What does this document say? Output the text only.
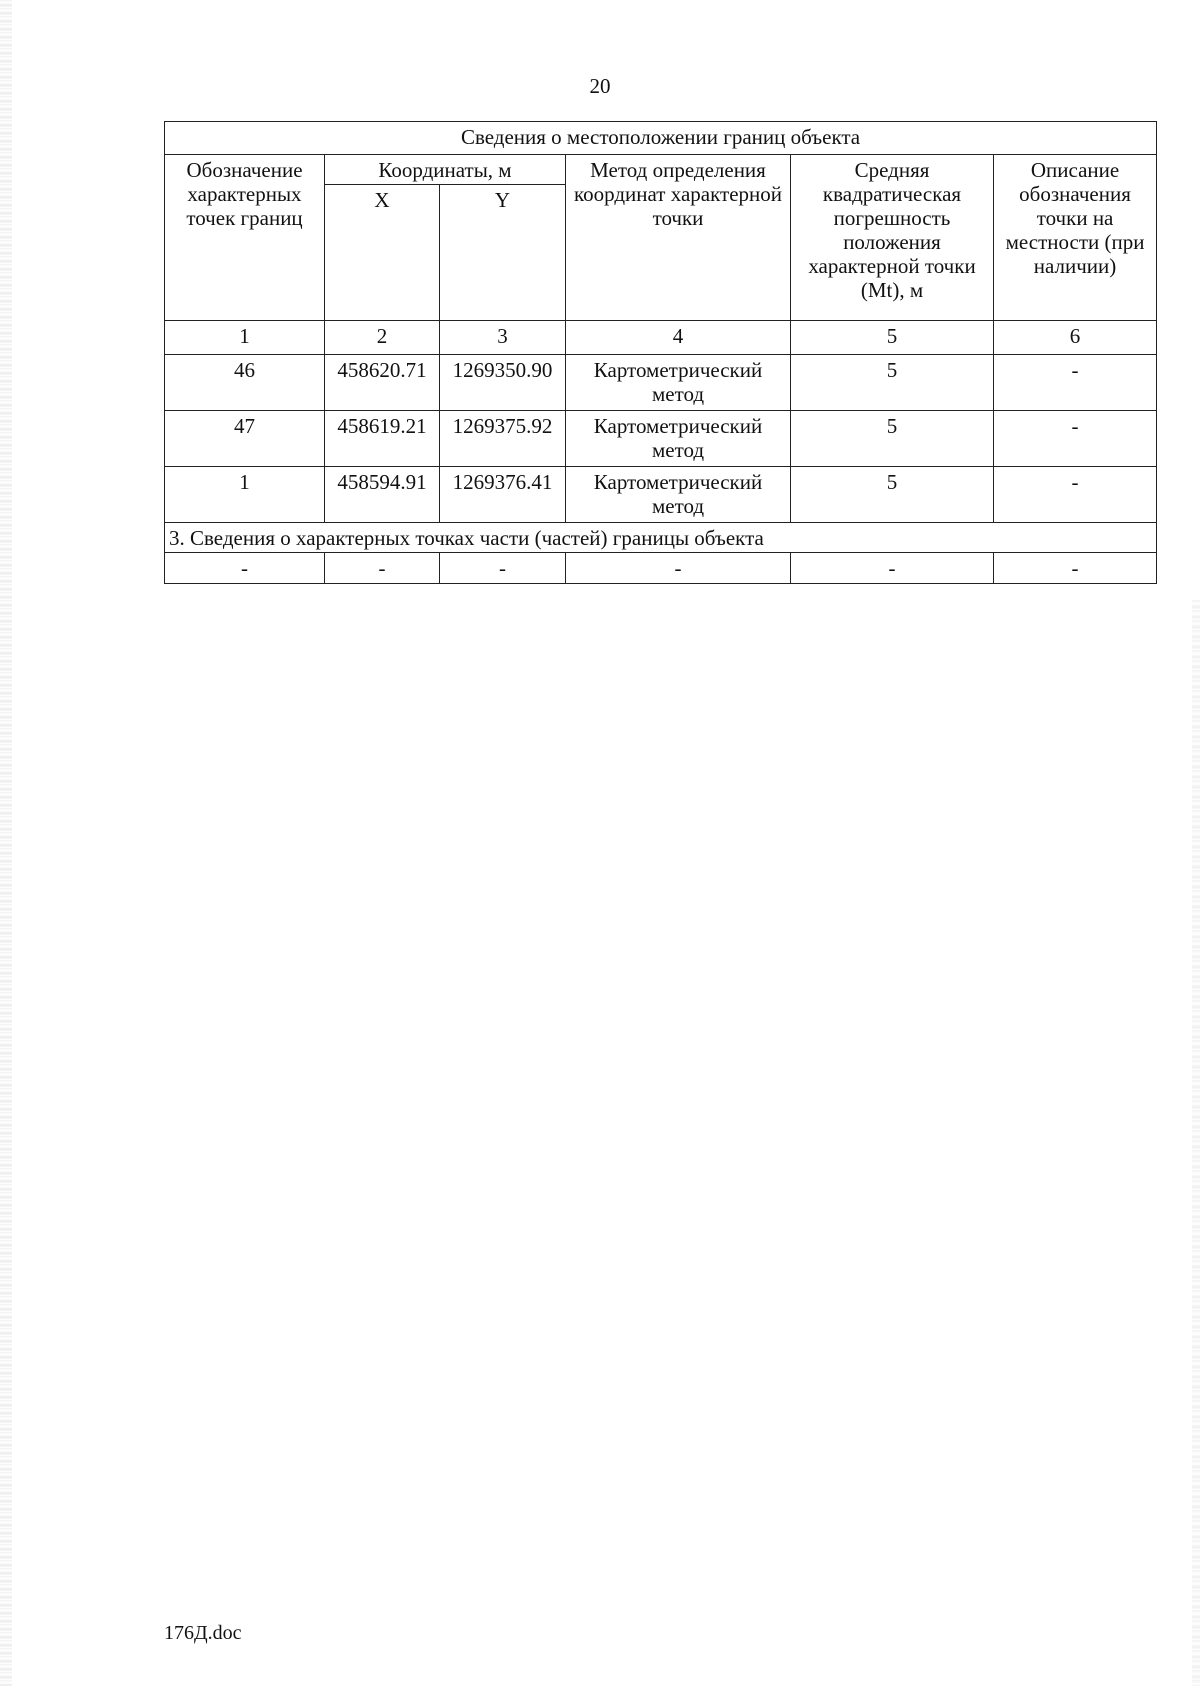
20
Сведения о местоположении границ объекта					
Обозначение характерных точек границ	Координаты, м		Метод определения координат характерной точки	Средняя квадратическая погрешность положения характерной точки (Mt), м	Описание обозначения точки на местности (при наличии)
	X	Y			
1	2	3	4	5	6
46	458620.71	1269350.90	Картометрический метод	5	-
47	458619.21	1269375.92	Картометрический метод	5	-
1	458594.91	1269376.41	Картометрический метод	5	-
3. Сведения о характерных точках части (частей) границы объекта					
-	-	-	-	-	-
176Д.doc
